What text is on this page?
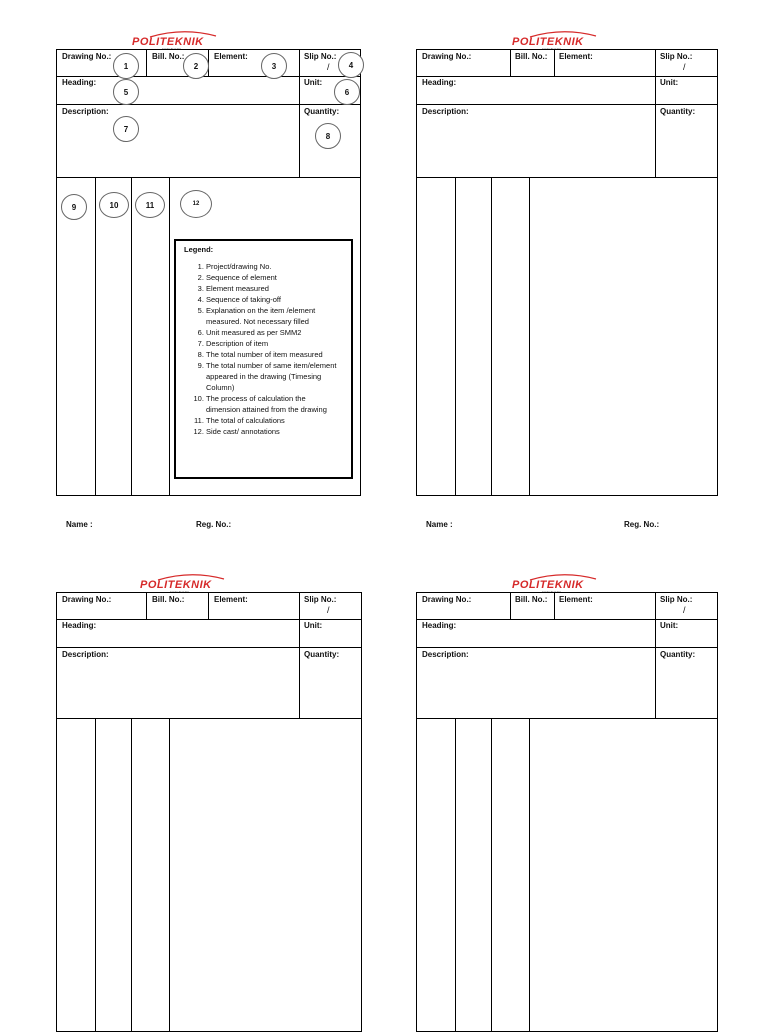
POLITEKNIK
KOTA BHARU
Drawing No.:	Bill. No.:	Element:	Slip No.:
/
Heading:	Unit:
Description:	Quantity:
1	2	3	4
5	6
7
8
9	10	11	12
Legend:
1. Project/drawing No.
2. Sequence of element
3. Element measured
4. Sequence of taking-off
5. Explanation on the item /element measured. Not necessary filled
6. Unit measured as per SMM2
7. Description of item
8. The total number of item measured
9. The total number of same item/element appeared in the drawing (Timesing Column)
10. The process of calculation the dimension attained from the drawing
11. The total of calculations
12. Side cast/ annotations
Name :	Reg. No.:
POLITEKNIK
KOTA BHARU
Drawing No.:	Bill. No.: Element:	Slip No.:
/
Heading:	Unit:
Description:	Quantity:
Name :	Reg. No.:
POLITEKNIK
KOTA BHARU
Drawing No.:	Bill. No.:	Element:	Slip No.:
/
Heading:	Unit:
Description:	Quantity:
POLITEKNIK
KOTA BHARU
Drawing No.:	Bill. No.: Element:	Slip No.:
/
Heading:	Unit:
Description:	Quantity:
